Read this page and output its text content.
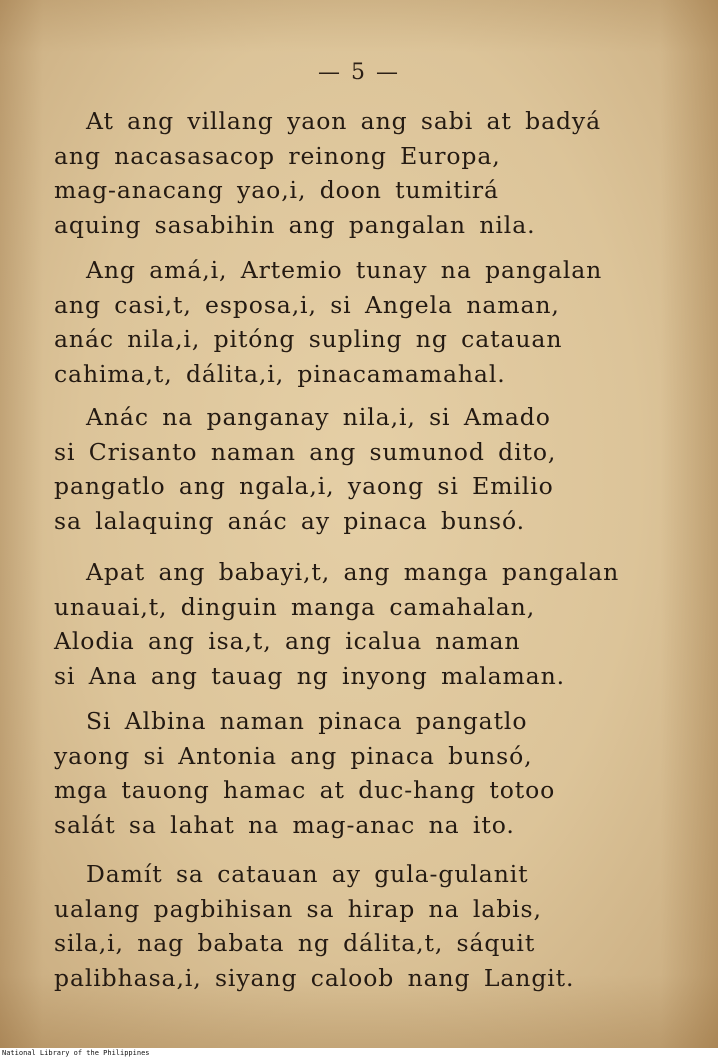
— 5 —
At ang villang yaon ang sabi at badyá
ang nacasasacop reinong Europa,
mag-anacang yao,i, doon tumitirá
aquing sasabihin ang pangalan nila.
Ang amá,i, Artemio tunay na pangalan
ang casi,t, esposa,i, si Angela naman,
anác nila,i, pitóng supling ng catauan
cahima,t, dálita,i, pinacamamahal.
Anác na panganay nila,i, si Amado
si Crisanto naman ang sumunod dito,
pangatlo ang ngala,i, yaong si Emilio
sa lalaquing anác ay pinaca bunsó.
Apat ang babayi,t, ang manga pangalan
unauai,t, dinguin manga camahalan,
Alodia ang isa,t, ang icalua naman
si Ana ang tauag ng inyong malaman.
Si Albina naman pinaca pangatlo
yaong si Antonia ang pinaca bunsó,
mga tauong hamac at duc-hang totoo
salát sa lahat na mag-anac na ito.
Damít sa catauan ay gula-gulanit
ualang pagbihisan sa hirap na labis,
sila,i, nag babata ng dálita,t, sáquit
palibhasa,i, siyang caloob nang Langit.
National Library of the Philippines
